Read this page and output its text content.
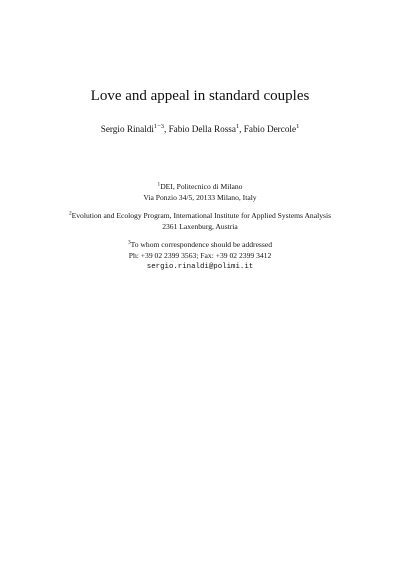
Love and appeal in standard couples
Sergio Rinaldi$^{1-3}$, Fabio Della Rossa$^1$, Fabio Dercole$^1$
$^1$DEI, Politecnico di Milano
Via Ponzio 34/5, 20133 Milano, Italy
$^2$Evolution and Ecology Program, International Institute for Applied Systems Analysis
2361 Laxenburg, Austria
$^3$To whom correspondence should be addressed
Ph: +39 02 2399 3563; Fax: +39 02 2399 3412
sergio.rinaldi@polimi.it
